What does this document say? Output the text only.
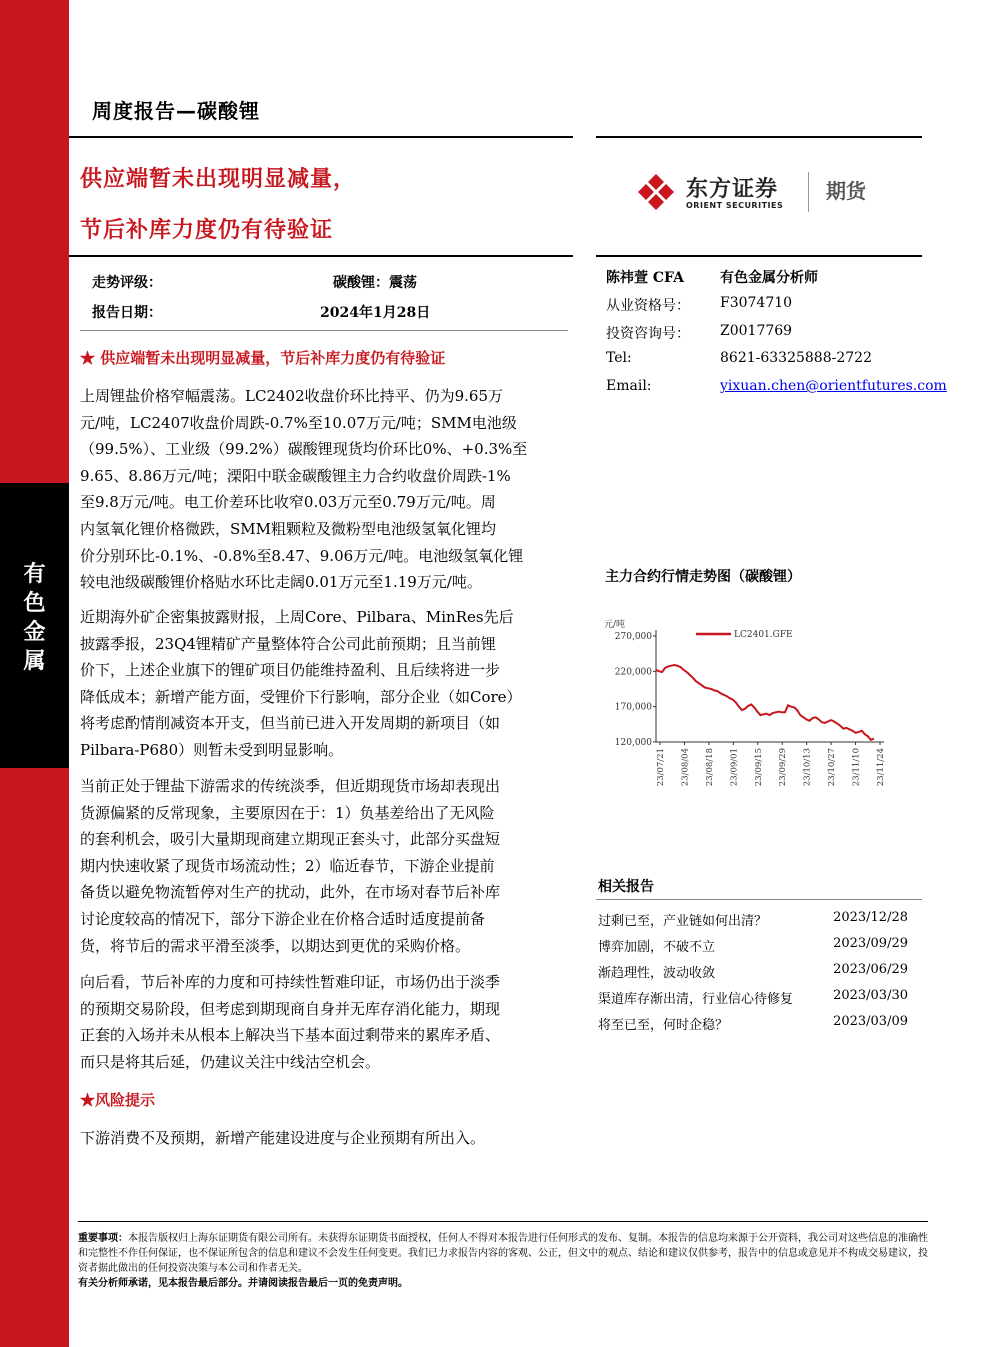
有
色
金
属
周度报告—碳酸锂
供应端暂未出现明显减量，
节后补库力度仍有待验证
东方证券
ORIENT SECURITIES
期货
走势评级：	碳酸锂：震荡
报告日期：	2024年1月28日
陈祎萱 CFA	有色金属分析师
从业资格号： F3074710
投资咨询号： Z0017769
Tel:	8621-63325888-2722
Email:	yixuan.chen@orientfutures.com
★ 供应端暂未出现明显减量，节后补库力度仍有待验证
上周锂盐价格窄幅震荡。LC2402收盘价环比持平、仍为9.65万
元/吨，LC2407收盘价周跌-0.7%至10.07万元/吨；SMM电池级
（99.5%）、工业级（99.2%）碳酸锂现货均价环比0%、+0.3%至
9.65、8.86万元/吨；溧阳中联金碳酸锂主力合约收盘价周跌-1%
至9.8万元/吨。电工价差环比收窄0.03万元至0.79万元/吨。周
内氢氧化锂价格微跌，SMM粗颗粒及微粉型电池级氢氧化锂均
价分别环比-0.1%、-0.8%至8.47、9.06万元/吨。电池级氢氧化锂
较电池级碳酸锂价格贴水环比走阔0.01万元至1.19万元/吨。
近期海外矿企密集披露财报，上周Core、Pilbara、MinRes先后
披露季报，23Q4锂精矿产量整体符合公司此前预期；且当前锂
价下，上述企业旗下的锂矿项目仍能维持盈利、且后续将进一步
降低成本；新增产能方面，受锂价下行影响，部分企业（如Core）
将考虑酌情削减资本开支，但当前已进入开发周期的新项目（如
Pilbara-P680）则暂未受到明显影响。
当前正处于锂盐下游需求的传统淡季，但近期现货市场却表现出
货源偏紧的反常现象，主要原因在于：1）负基差给出了无风险
的套利机会，吸引大量期现商建立期现正套头寸，此部分买盘短
期内快速收紧了现货市场流动性；2）临近春节，下游企业提前
备货以避免物流暂停对生产的扰动，此外，在市场对春节后补库
讨论度较高的情况下，部分下游企业在价格合适时适度提前备
货，将节后的需求平滑至淡季，以期达到更优的采购价格。
向后看，节后补库的力度和可持续性暂难印证，市场仍出于淡季
的预期交易阶段，但考虑到期现商自身并无库存消化能力，期现
正套的入场并未从根本上解决当下基本面过剩带来的累库矛盾、
而只是将其后延，仍建议关注中线沽空机会。
★风险提示
下游消费不及预期，新增产能建设进度与企业预期有所出入。
主力合约行情走势图（碳酸锂）
元/吨
120,000
170,000
220,000
270,000
23/07/21 23/08/04 23/08/18 23/09/01 23/09/15 23/09/29 23/10/13 23/10/27 23/11/10 23/11/24
LC2401.GFE
相关报告
过剩已至，产业链如何出清？	2023/12/28
博弈加剧，不破不立	2023/09/29
渐趋理性，波动收敛	2023/06/29
渠道库存渐出清，行业信心待修复	2023/03/30
将至已至，何时企稳？	2023/03/09
重要事项：本报告版权归上海东证期货有限公司所有。未获得东证期货书面授权，任何人不得对本报告进行任何形式的发布、复制。本报告的信息均来源于公开资料，我公司对这些信息的准确性和完整性不作任何保证，也不保证所包含的信息和建议不会发生任何变更。我们已力求报告内容的客观、公正，但文中的观点、结论和建议仅供参考，报告中的信息或意见并不构成交易建议，投资者据此做出的任何投资决策与本公司和作者无关。
有关分析师承诺，见本报告最后部分。并请阅读报告最后一页的免责声明。
